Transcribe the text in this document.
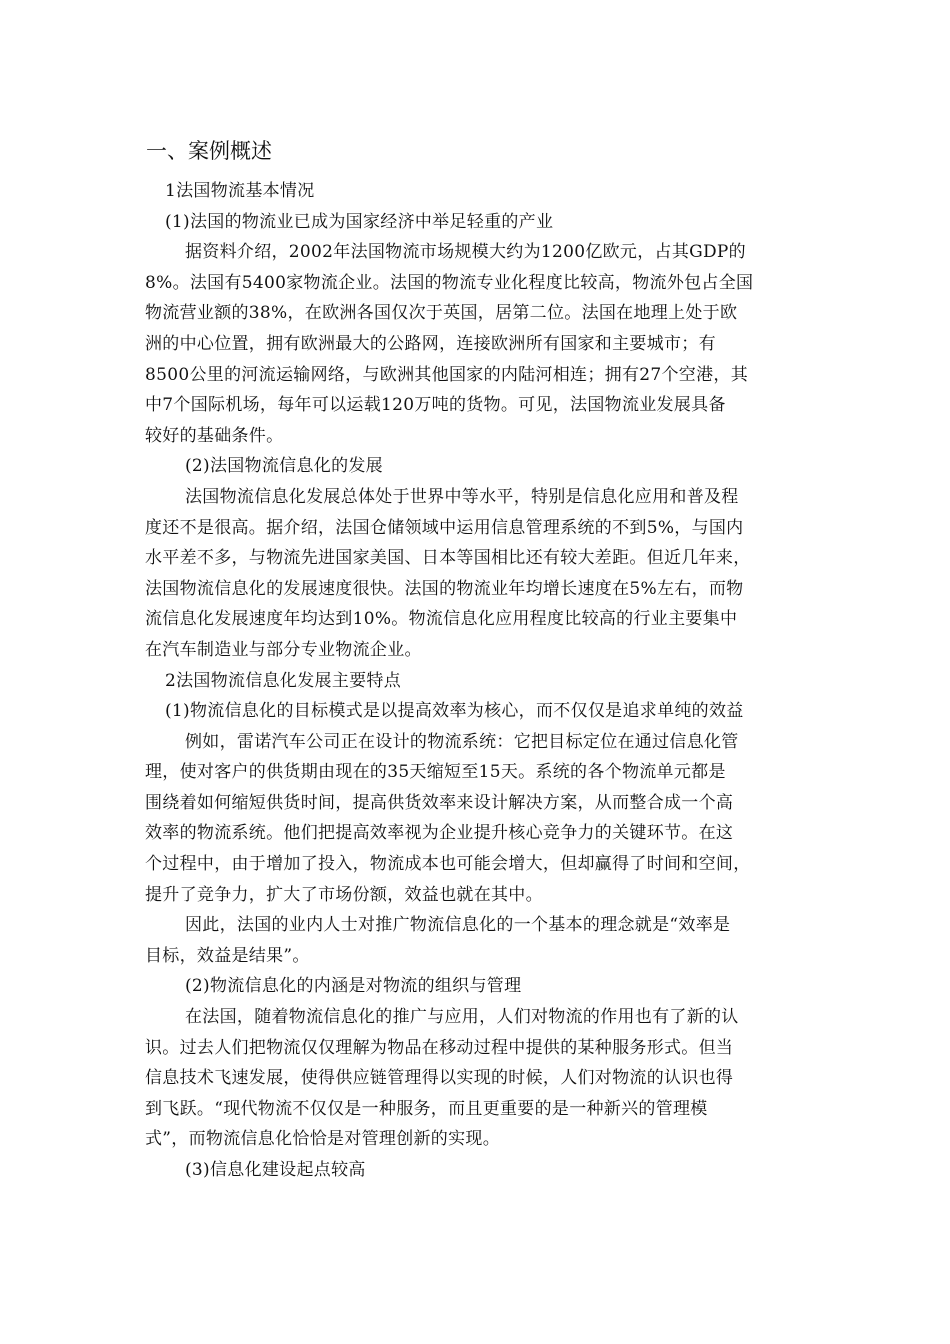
一、案例概述
1法国物流基本情况
(1)法国的物流业已成为国家经济中举足轻重的产业
据资料介绍，2002年法国物流市场规模大约为1200亿欧元，占其GDP的
8%。法国有5400家物流企业。法国的物流专业化程度比较高，物流外包占全国
物流营业额的38%，在欧洲各国仅次于英国，居第二位。法国在地理上处于欧
洲的中心位置，拥有欧洲最大的公路网，连接欧洲所有国家和主要城市；有
8500公里的河流运输网络，与欧洲其他国家的内陆河相连；拥有27个空港，其
中7个国际机场，每年可以运载120万吨的货物。可见，法国物流业发展具备
较好的基础条件。
(2)法国物流信息化的发展
法国物流信息化发展总体处于世界中等水平，特别是信息化应用和普及程
度还不是很高。据介绍，法国仓储领域中运用信息管理系统的不到5%，与国内
水平差不多，与物流先进国家美国、日本等国相比还有较大差距。但近几年来，
法国物流信息化的发展速度很快。法国的物流业年均增长速度在5%左右，而物
流信息化发展速度年均达到10%。物流信息化应用程度比较高的行业主要集中
在汽车制造业与部分专业物流企业。
2法国物流信息化发展主要特点
(1)物流信息化的目标模式是以提高效率为核心，而不仅仅是追求单纯的效益
例如，雷诺汽车公司正在设计的物流系统：它把目标定位在通过信息化管
理，使对客户的供货期由现在的35天缩短至15天。系统的各个物流单元都是
围绕着如何缩短供货时间，提高供货效率来设计解决方案，从而整合成一个高
效率的物流系统。他们把提高效率视为企业提升核心竞争力的关键环节。在这
个过程中，由于增加了投入，物流成本也可能会增大，但却赢得了时间和空间，
提升了竞争力，扩大了市场份额，效益也就在其中。
因此，法国的业内人士对推广物流信息化的一个基本的理念就是“效率是
目标，效益是结果”。
(2)物流信息化的内涵是对物流的组织与管理
在法国，随着物流信息化的推广与应用，人们对物流的作用也有了新的认
识。过去人们把物流仅仅理解为物品在移动过程中提供的某种服务形式。但当
信息技术飞速发展，使得供应链管理得以实现的时候，人们对物流的认识也得
到飞跃。“现代物流不仅仅是一种服务，而且更重要的是一种新兴的管理模
式”，而物流信息化恰恰是对管理创新的实现。
(3)信息化建设起点较高
